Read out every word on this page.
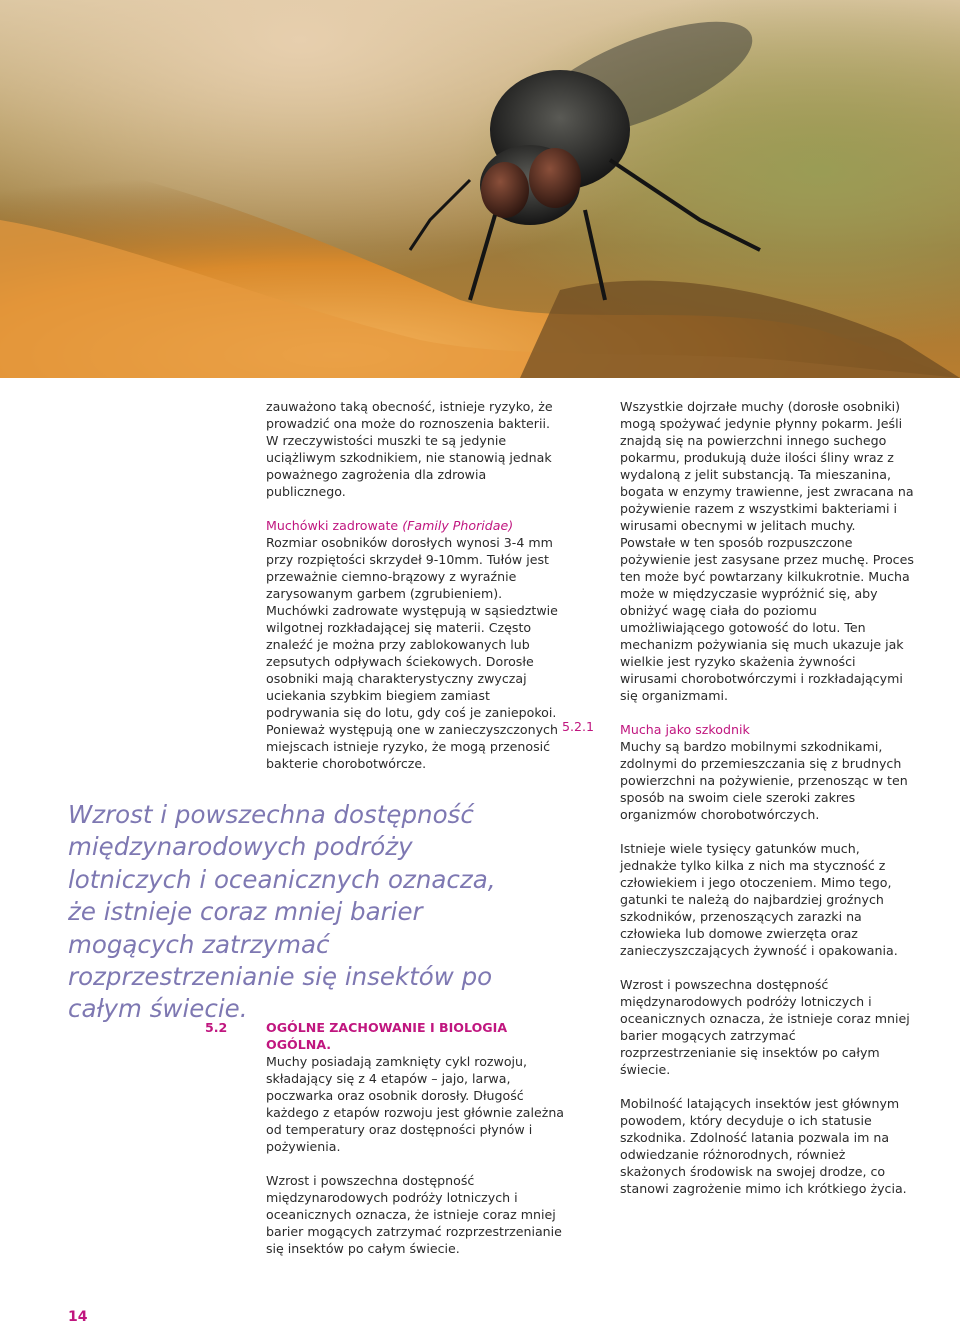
zauważono taką obecność, istnieje ryzyko, że prowadzić ona może do roznoszenia bakterii. W rzeczywistości muszki te są jedynie uciążliwym szkodnikiem, nie stanowią jednak poważnego zagrożenia dla zdrowia publicznego.

Muchówki zadrowate (Family Phoridae)
Rozmiar osobników dorosłych wynosi 3-4 mm przy rozpiętości skrzydeł 9-10mm. Tułów jest przeważnie ciemno-brązowy z wyraźnie zarysowanym garbem (zgrubieniem). Muchówki zadrowate występują w sąsiedztwie wilgotnej rozkładającej się materii. Często znaleźć je można przy zablokowanych lub zepsutych odpływach ściekowych. Dorosłe osobniki mają charakterystyczny zwyczaj uciekania szybkim biegiem zamiast podrywania się do lotu, gdy coś je zaniepokoi. Ponieważ występują one w zanieczyszczonych miejscach istnieje ryzyko, że mogą przenosić bakterie chorobotwórcze.

Wzrost i powszechna dostępność międzynarodowych podróży lotniczych i oceanicznych oznacza, że istnieje coraz mniej barier mogących zatrzymać rozprzestrzenianie się insektów po całym świecie.
5.2	OGÓLNE ZACHOWANIE I BIOLOGIA OGÓLNA.
Muchy posiadają zamknięty cykl rozwoju, składający się z 4 etapów – jajo, larwa, poczwarka oraz osobnik dorosły. Długość każdego z etapów rozwoju jest głównie zależna od temperatury oraz dostępności płynów i pożywienia.

Wzrost i powszechna dostępność międzynarodowych podróży lotniczych i oceanicznych oznacza, że istnieje coraz mniej barier mogących zatrzymać rozprzestrzenianie się insektów po całym świecie.

Wszystkie dojrzałe muchy (dorosłe osobniki) mogą spożywać jedynie płynny pokarm. Jeśli znajdą się na powierzchni innego suchego pokarmu, produkują duże ilości śliny wraz z wydaloną z jelit substancją. Ta mieszanina, bogata w enzymy trawienne, jest zwracana na pożywienie razem z wszystkimi bakteriami i wirusami obecnymi w jelitach muchy. Powstałe w ten sposób rozpuszczone pożywienie jest zasysane przez muchę. Proces ten może być powtarzany kilkukrotnie. Mucha może w międzyczasie wypróżnić się, aby obniżyć wagę ciała do poziomu umożliwiającego gotowość do lotu. Ten mechanizm pożywiania się much ukazuje jak wielkie jest ryzyko skażenia żywności wirusami chorobotwórczymi i rozkładającymi się organizmami.

Mucha jako szkodnik
Muchy są bardzo mobilnymi szkodnikami, zdolnymi do przemieszczania się z brudnych powierzchni na pożywienie, przenosząc w ten sposób na swoim ciele szeroki zakres organizmów chorobotwórczych.

Istnieje wiele tysięcy gatunków much, jednakże tylko kilka z nich ma styczność z człowiekiem i jego otoczeniem. Mimo tego, gatunki te należą do najbardziej groźnych szkodników, przenoszących zarazki na człowieka lub domowe zwierzęta oraz zanieczyszczających żywność i opakowania.

Wzrost i powszechna dostępność międzynarodowych podróży lotniczych i oceanicznych oznacza, że istnieje coraz mniej barier mogących zatrzymać rozprzestrzenianie się insektów po całym świecie.

Mobilność latających insektów jest głównym powodem, który decyduje o ich statusie szkodnika. Zdolność latania pozwala im na odwiedzanie różnorodnych, również skażonych środowisk na swojej drodze, co stanowi zagrożenie mimo ich krótkiego życia.

5.2.1
14
